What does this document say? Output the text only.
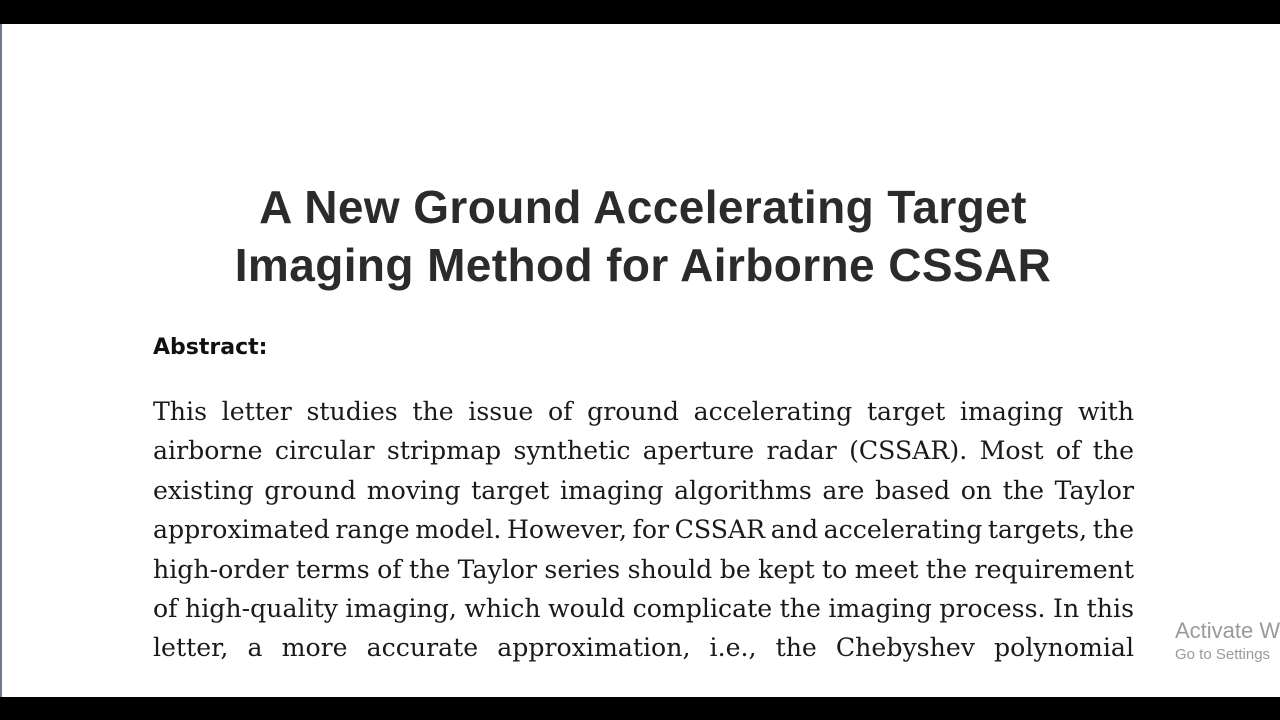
A New Ground Accelerating Target
Imaging Method for Airborne CSSAR
Abstract:
This letter studies the issue of ground accelerating target imaging with
airborne circular stripmap synthetic aperture radar (CSSAR). Most of the
existing ground moving target imaging algorithms are based on the Taylor
approximated range model. However, for CSSAR and accelerating targets, the
high-order terms of the Taylor series should be kept to meet the requirement
of high-quality imaging, which would complicate the imaging process. In this
letter, a more accurate approximation, i.e., the Chebyshev polynomial
Activate W
Go to Settings
